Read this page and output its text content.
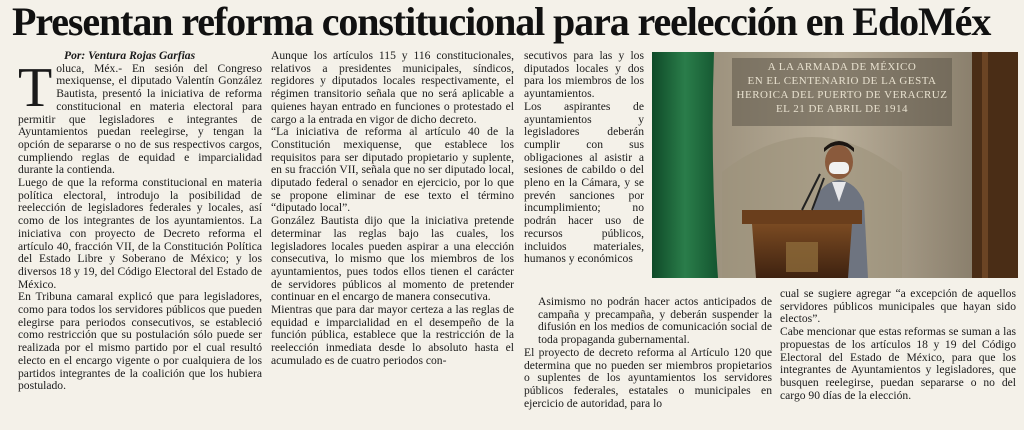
Presentan reforma constitucional para reelección en EdoMéx

Por: Ventura Rojas Garfias

Toluca, Méx.- En sesión del Congreso mexiquense, el diputado Valentín González Bautista, presentó la iniciativa de reforma constitucional en materia electoral para permitir que legisladores e integrantes de Ayuntamientos puedan reelegirse, y tengan la opción de separarse o no de sus respectivos cargos, cumpliendo reglas de equidad e imparcialidad durante la contienda.

Luego de que la reforma constitucional en materia política electoral, introdujo la posibilidad de reelección de legisladores federales y locales, así como de los integrantes de los ayuntamientos. La iniciativa con proyecto de Decreto reforma el artículo 40, fracción VII, de la Constitución Política del Estado Libre y Soberano de México; y los diversos 18 y 19, del Código Electoral del Estado de México.

En Tribuna camaral explicó que para legisladores, como para todos los servidores públicos que pueden elegirse para periodos consecutivos, se estableció como restricción que su postulación sólo puede ser realizada por el mismo partido por el cual resultó electo en el encargo vigente o por cualquiera de los partidos integrantes de la coalición que los hubiera postulado.

Aunque los artículos 115 y 116 constitucionales, relativos a presidentes municipales, síndicos, regidores y diputados locales respectivamente, el régimen transitorio señala que no será aplicable a quienes hayan entrado en funciones o protestado el cargo a la entrada en vigor de dicho decreto.

“La iniciativa de reforma al artículo 40 de la Constitución mexiquense, que establece los requisitos para ser diputado propietario y suplente, en su fracción VII, señala que no ser diputado local, diputado federal o senador en ejercicio, por lo que se propone eliminar de ese texto el término “diputado local”.

González Bautista dijo que la iniciativa pretende determinar las reglas bajo las cuales, los legisladores locales pueden aspirar a una elección consecutiva, lo mismo que los miembros de los ayuntamientos, pues todos ellos tienen el carácter de servidores públicos al momento de pretender continuar en el encargo de manera consecutiva.

Mientras que para dar mayor certeza a las reglas de equidad e imparcialidad en el desempeño de la función pública, establece que la restricción de la reelección inmediata desde lo absoluto hasta el acumulado es de cuatro periodos con-

secutivos para las y los diputados locales y dos para los miembros de los ayuntamientos.

Los aspirantes de ayuntamientos y legisladores deberán cumplir con sus obligaciones al asistir a sesiones de cabildo o del pleno en la Cámara, y se prevén sanciones por incumplimiento; no podrán hacer uso de recursos públicos, incluidos materiales, humanos y económicos

Asimismo no podrán hacer actos anticipados de campaña y precampaña, y deberán suspender la difusión en los medios de comunicación social de toda propaganda gubernamental.

El proyecto de decreto reforma al Artículo 120 que determina que no pueden ser miembros propietarios o suplentes de los ayuntamientos los servidores públicos federales, estatales o municipales en ejercicio de autoridad, para lo

cual se sugiere agregar “a excepción de aquellos servidores públicos municipales que hayan sido electos”.

Cabe mencionar que estas reformas se suman a las propuestas de los artículos 18 y 19 del Código Electoral del Estado de México, para que los integrantes de Ayuntamientos y legisladores, que busquen reelegirse, puedan separarse o no del cargo 90 días de la elección.

A LA ARMADA DE MÉXICO
EN EL CENTENARIO DE LA GESTA
HEROICA DEL PUERTO DE VERACRUZ
EL 21 DE ABRIL DE 1914
